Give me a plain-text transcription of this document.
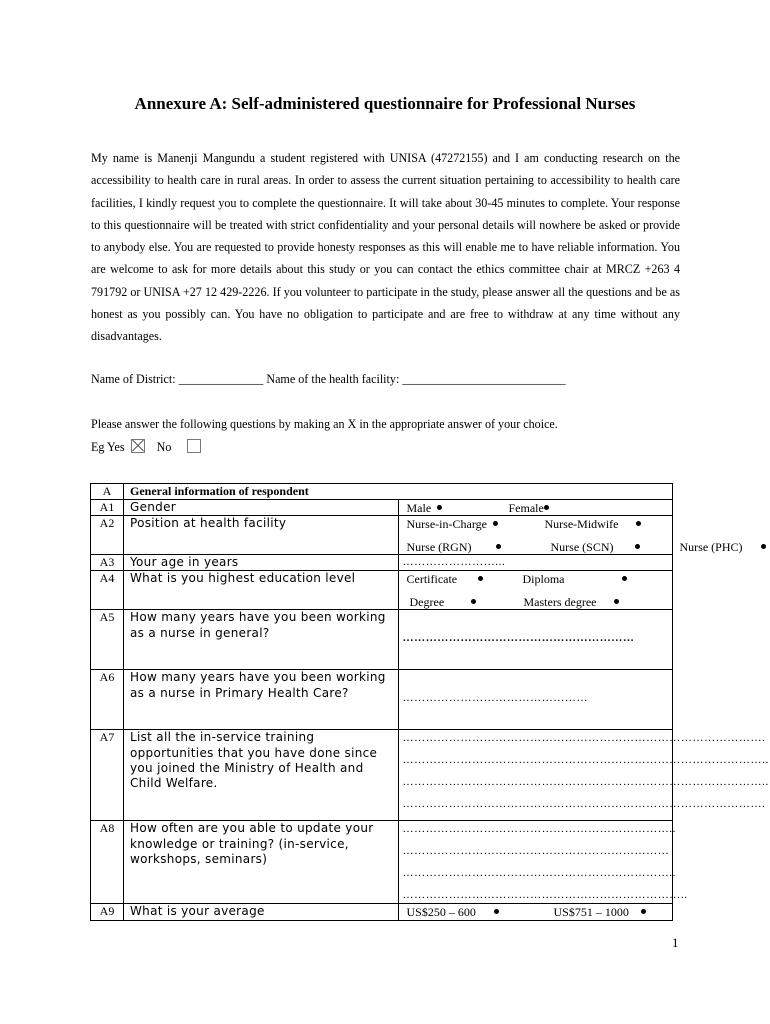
Annexure A: Self-administered questionnaire for Professional Nurses
My name is Manenji Mangundu a student registered with UNISA (47272155) and I am conducting research on the accessibility to health care in rural areas. In order to assess the current situation pertaining to accessibility to health care facilities, I kindly request you to complete the questionnaire. It will take about 30-45 minutes to complete. Your response to this questionnaire will be treated with strict confidentiality and your personal details will nowhere be asked or provide to anybody else. You are requested to provide honesty responses as this will enable me to have reliable information. You are welcome to ask for more details about this study or you can contact the ethics committee chair at MRCZ +263 4 791792 or UNISA +27 12 429-2226. If you volunteer to participate in the study, please answer all the questions and be as honest as you possibly can. You have no obligation to participate and are free to withdraw at any time without any disadvantages.
Name of District: ______________ Name of the health facility: ___________________________
Please answer the following questions by making an X in the appropriate answer of your choice.
Eg Yes	No
A	General information of respondent	

A1	Gender	Male Female

A2	Position at health facility	Nurse-in-Charge Nurse-Midwife
Nurse (RGN) Nurse (SCN) Nurse (PHC)

A3	Your age in years	……………………...

A4	What is you highest education level	Certificate Diploma
Degree Masters degree

A5	How many years have you been working as a nurse in general?	……………………………………………………

A6	How many years have you been working as a nurse in Primary Health Care?	…………………………………………

A7	List all the in-service training opportunities that you have done since you joined the Ministry of Health and Child Welfare.	………………………………………………………………………………….
…………………………………………………………………………………..
…………………………………………………………………………………..
………………………………………………………………………………….

A8	How often are you able to update your knowledge or training? (in-service, workshops, seminars)	……………………………………………………………..
……………………………………………………………
……………………………………………………………..
………………………………………………………………..

A9	What is your average	US$250 – 600 US$751 – 1000
1
